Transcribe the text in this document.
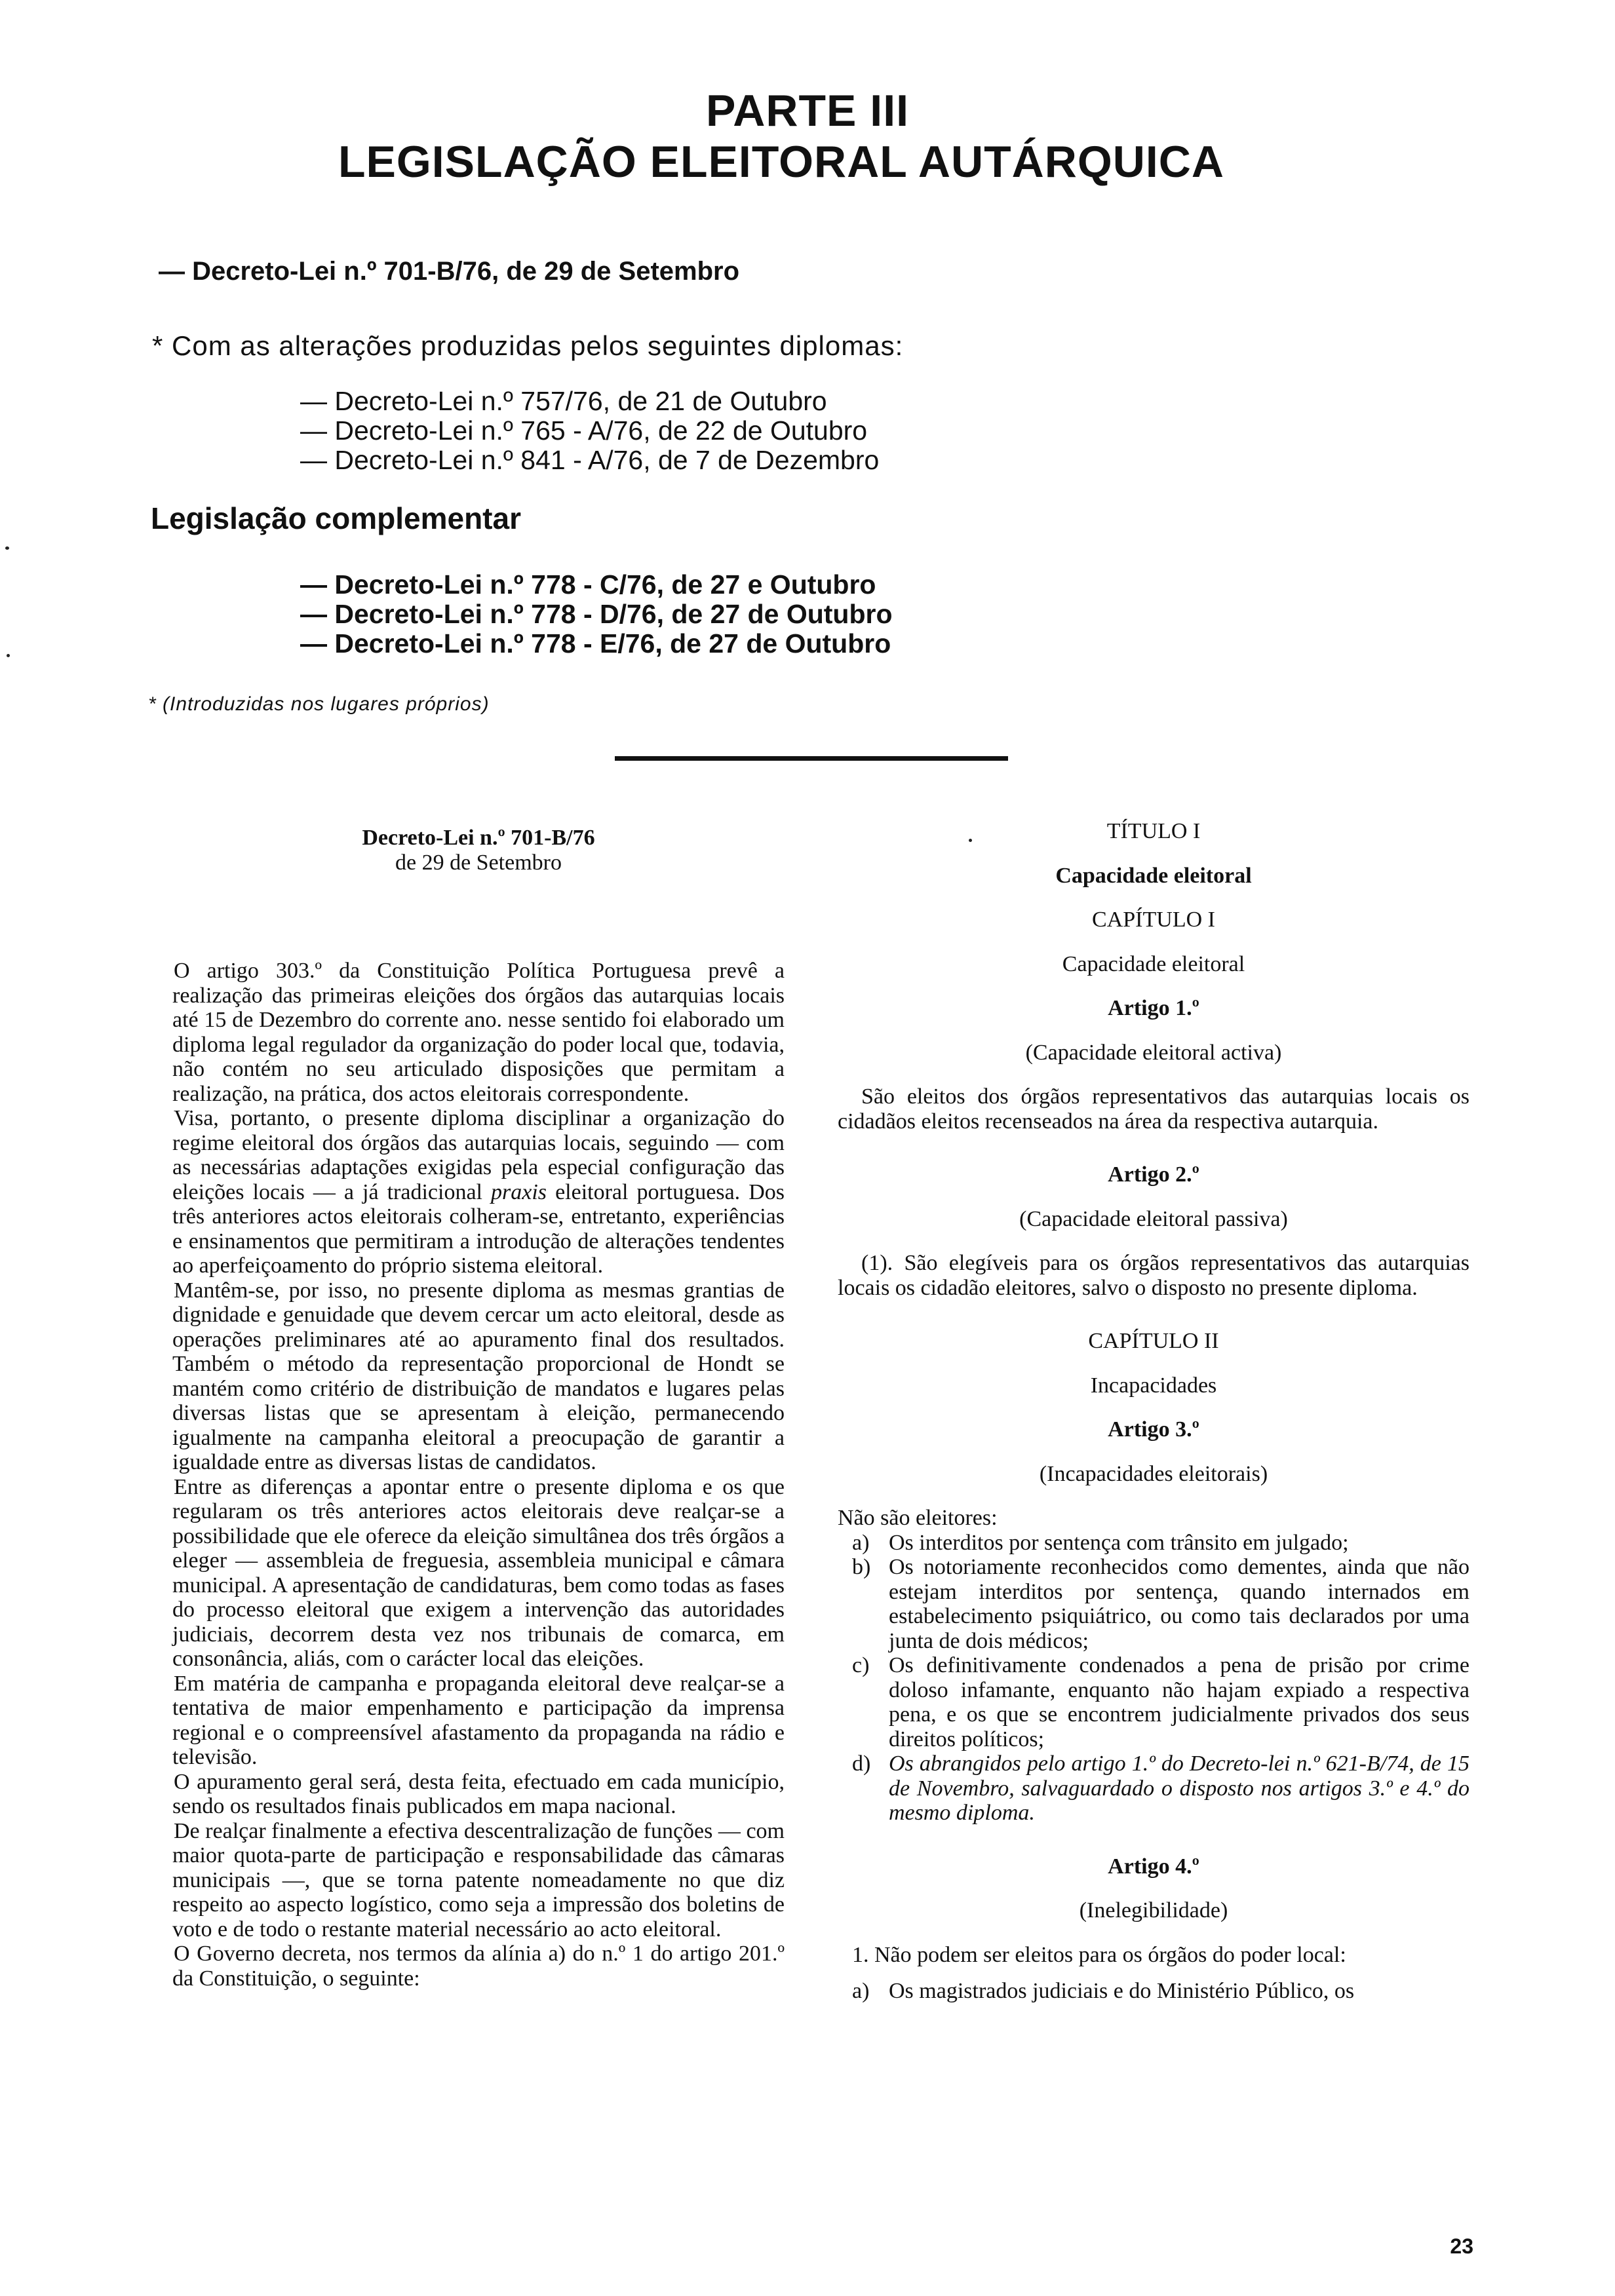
PARTE III
LEGISLAÇÃO ELEITORAL AUTÁRQUICA
— Decreto-Lei n.º 701-B/76, de 29 de Setembro
* Com as alterações produzidas pelos seguintes diplomas:
— Decreto-Lei n.º 757/76, de 21 de Outubro
— Decreto-Lei n.º 765 - A/76, de 22 de Outubro
— Decreto-Lei n.º 841 - A/76, de 7 de Dezembro
Legislação complementar
— Decreto-Lei n.º 778 - C/76, de 27 e Outubro
— Decreto-Lei n.º 778 - D/76, de 27 de Outubro
— Decreto-Lei n.º 778 - E/76, de 27 de Outubro
* (Introduzidas nos lugares próprios)
Decreto-Lei n.º 701-B/76
de 29 de Setembro

O artigo 303.º da Constituição Política Portuguesa prevê a realização das primeiras eleições dos órgãos das autarquias locais até 15 de Dezembro do corrente ano. nesse sentido foi elaborado um diploma legal regulador da organização do poder local que, todavia, não contém no seu articulado disposições que permitam a realização, na prática, dos actos eleitorais correspondente.

Visa, portanto, o presente diploma disciplinar a organização do regime eleitoral dos órgãos das autarquias locais, seguindo — com as necessárias adaptações exigidas pela especial configuração das eleições locais — a já tradicional praxis eleitoral portuguesa. Dos três anteriores actos eleitorais colheram-se, entretanto, experiências e ensinamentos que permitiram a introdução de alterações tendentes ao aperfeiçoamento do próprio sistema eleitoral.

Mantêm-se, por isso, no presente diploma as mesmas grantias de dignidade e genuidade que devem cercar um acto eleitoral, desde as operações preliminares até ao apuramento final dos resultados. Também o método da representação proporcional de Hondt se mantém como critério de distribuição de mandatos e lugares pelas diversas listas que se apresentam à eleição, permanecendo igualmente na campanha eleitoral a preocupação de garantir a igualdade entre as diversas listas de candidatos.

Entre as diferenças a apontar entre o presente diploma e os que regularam os três anteriores actos eleitorais deve realçar-se a possibilidade que ele oferece da eleição simultânea dos três órgãos a eleger — assembleia de freguesia, assembleia municipal e câmara municipal. A apresentação de candidaturas, bem como todas as fases do processo eleitoral que exigem a intervenção das autoridades judiciais, decorrem desta vez nos tribunais de comarca, em consonância, aliás, com o carácter local das eleições.

Em matéria de campanha e propaganda eleitoral deve realçar-se a tentativa de maior empenhamento e participação da imprensa regional e o compreensível afastamento da propaganda na rádio e televisão.

O apuramento geral será, desta feita, efectuado em cada município, sendo os resultados finais publicados em mapa nacional.

De realçar finalmente a efectiva descentralização de funções — com maior quota-parte de participação e responsabilidade das câmaras municipais —, que se torna patente nomeadamente no que diz respeito ao aspecto logístico, como seja a impressão dos boletins de voto e de todo o restante material necessário ao acto eleitoral.

O Governo decreta, nos termos da alínia a) do n.º 1 do artigo 201.º da Constituição, o seguinte:

TÍTULO I
Capacidade eleitoral
CAPÍTULO I
Capacidade eleitoral
Artigo 1.º
(Capacidade eleitoral activa)
São eleitos dos órgãos representativos das autarquias locais os cidadãos eleitos recenseados na área da respectiva autarquia.
Artigo 2.º
(Capacidade eleitoral passiva)
(1). São elegíveis para os órgãos representativos das autarquias locais os cidadão eleitores, salvo o disposto no presente diploma.
CAPÍTULO II
Incapacidades
Artigo 3.º
(Incapacidades eleitorais)
Não são eleitores:
a) Os interditos por sentença com trânsito em julgado;
b) Os notoriamente reconhecidos como dementes, ainda que não estejam interditos por sentença, quando internados em estabelecimento psiquiátrico, ou como tais declarados por uma junta de dois médicos;
c) Os definitivamente condenados a pena de prisão por crime doloso infamante, enquanto não hajam expiado a respectiva pena, e os que se encontrem judicialmente privados dos seus direitos políticos;
d) Os abrangidos pelo artigo 1.º do Decreto-lei n.º 621-B/74, de 15 de Novembro, salvaguardado o disposto nos artigos 3.º e 4.º do mesmo diploma.
Artigo 4.º
(Inelegibilidade)
1. Não podem ser eleitos para os órgãos do poder local:
a) Os magistrados judiciais e do Ministério Público, os
23
